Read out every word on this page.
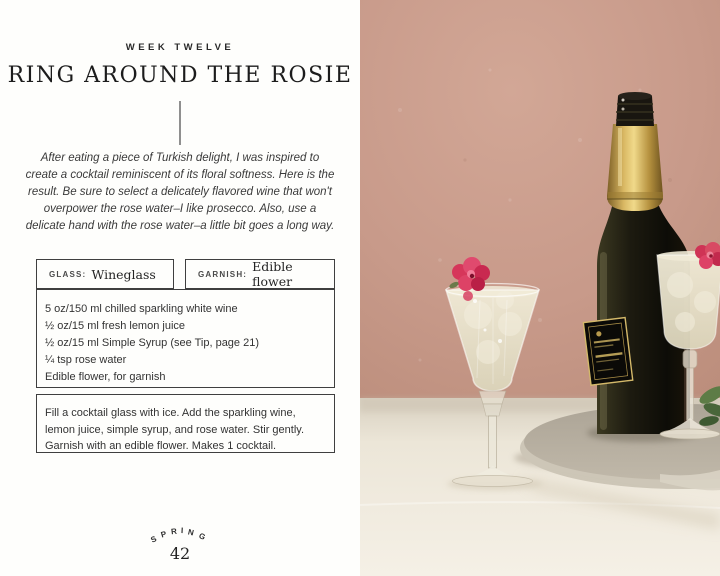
WEEK TWELVE
RING AROUND THE ROSIE
After eating a piece of Turkish delight, I was inspired to create a cocktail reminiscent of its floral softness. Here is the result. Be sure to select a delicately flavored wine that won't overpower the rose water–I like prosecco. Also, use a delicate hand with the rose water–a little bit goes a long way.
GLASS: Wineglass	GARNISH: Edible flower
5 oz/150 ml chilled sparkling white wine
½ oz/15 ml fresh lemon juice
½ oz/15 ml Simple Syrup (see Tip, page 21)
¼ tsp rose water
Edible flower, for garnish
Fill a cocktail glass with ice. Add the sparkling wine, lemon juice, simple syrup, and rose water. Stir gently. Garnish with an edible flower. Makes 1 cocktail.
S P R I N G
42
